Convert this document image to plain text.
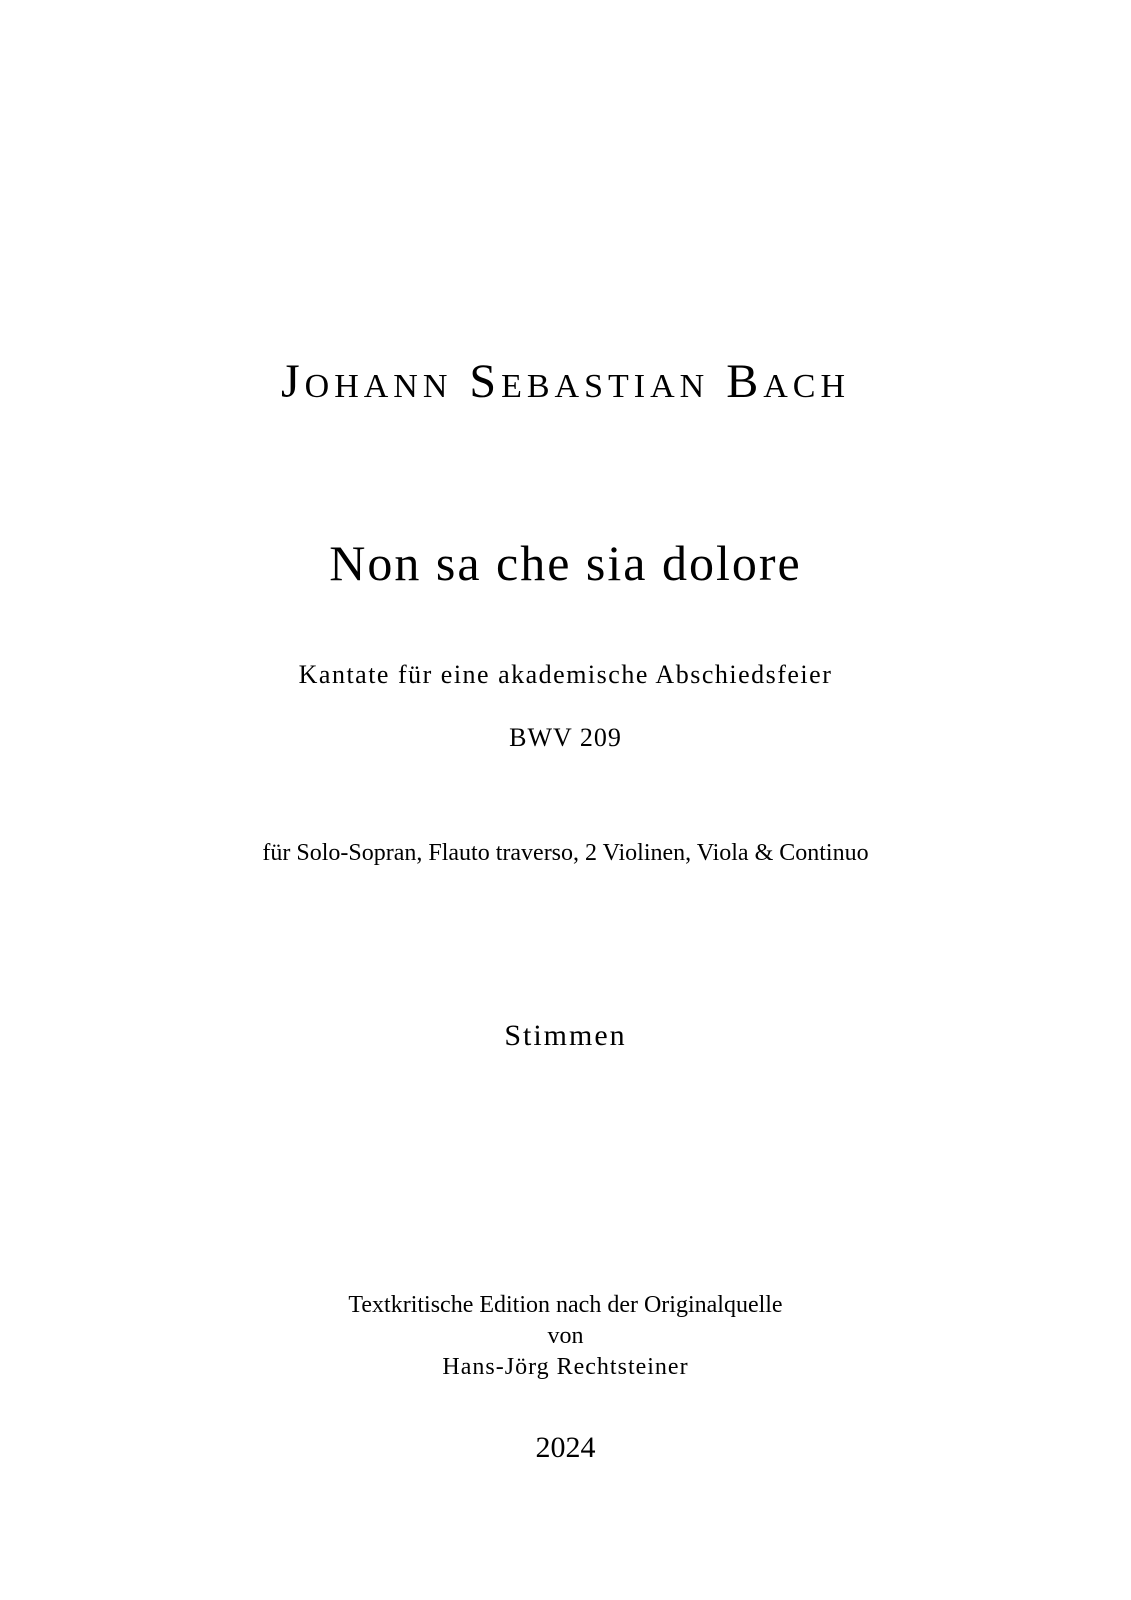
Johann Sebastian Bach
Non sa che sia dolore
Kantate für eine akademische Abschiedsfeier
BWV 209
für Solo-Sopran, Flauto traverso, 2 Violinen, Viola & Continuo
Stimmen
Textkritische Edition nach der Originalquelle
von
Hans-Jörg Rechtsteiner
2024
